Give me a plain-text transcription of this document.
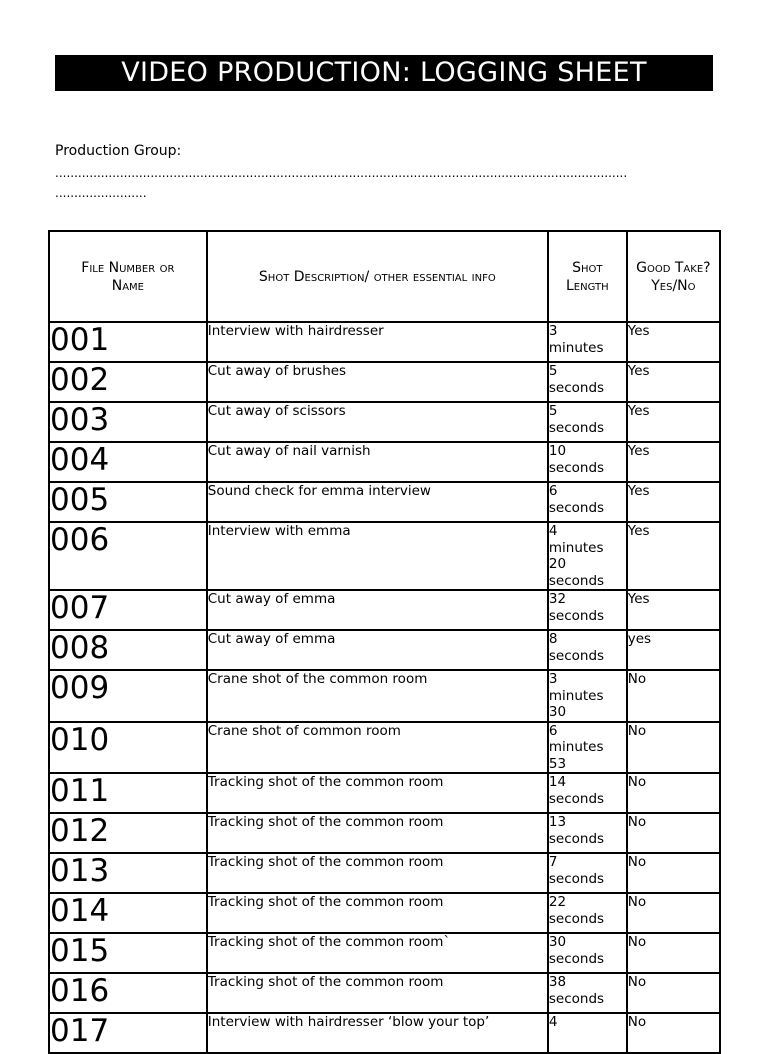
VIDEO PRODUCTION: LOGGING SHEET
Production Group:
......................................................................................................................................................
........................
File Number or Name	Shot Description/ other essential info	Shot Length	Good Take? Yes/No
001	Interview with hairdresser	3 minutes	Yes
002	Cut away of brushes	5 seconds	Yes
003	Cut away of scissors	5 seconds	Yes
004	Cut away of nail varnish	10 seconds	Yes
005	Sound check for emma interview	6 seconds	Yes
006	Interview with emma	4 minutes 20 seconds	Yes
007	Cut away of emma	32 seconds	Yes
008	Cut away of emma	8 seconds	yes
009	Crane shot of the common room	3 minutes 30	No
010	Crane shot of common room	6 minutes 53	No
011	Tracking shot of the common room	14 seconds	No
012	Tracking shot of the common room	13 seconds	No
013	Tracking shot of the common room	7 seconds	No
014	Tracking shot of the common room	22 seconds	No
015	Tracking shot of the common room`	30 seconds	No
016	Tracking shot of the common room	38 seconds	No
017	Interview with hairdresser ‘blow your top’	4	No
